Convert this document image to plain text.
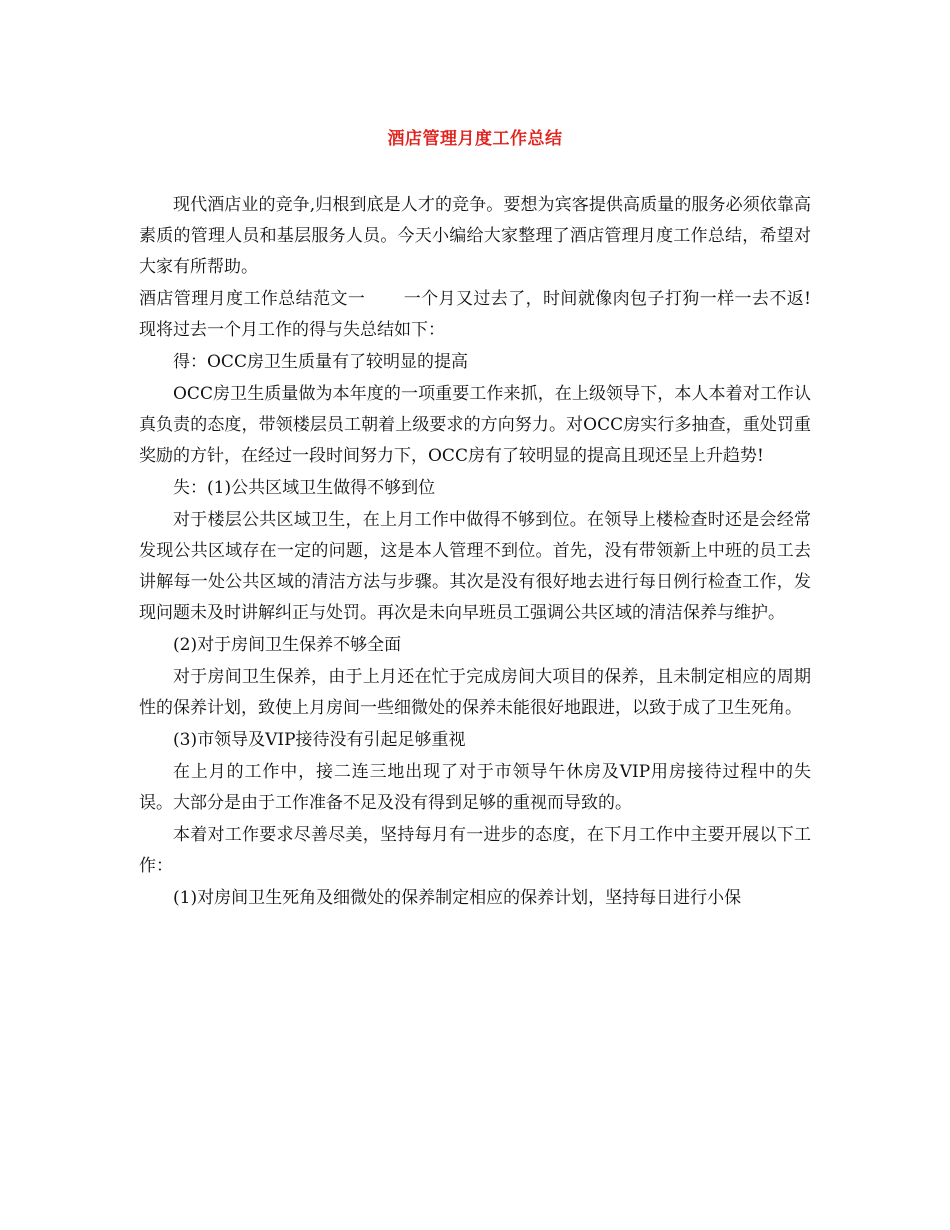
酒店管理月度工作总结

现代酒店业的竞争,归根到底是人才的竞争。要想为宾客提供高质量的服务必须依靠高素质的管理人员和基层服务人员。今天小编给大家整理了酒店管理月度工作总结，希望对大家有所帮助。

酒店管理月度工作总结范文一 一个月又过去了，时间就像肉包子打狗一样一去不返!现将过去一个月工作的得与失总结如下：

得：OCC房卫生质量有了较明显的提高

OCC房卫生质量做为本年度的一项重要工作来抓，在上级领导下，本人本着对工作认真负责的态度，带领楼层员工朝着上级要求的方向努力。对OCC房实行多抽查，重处罚重奖励的方针，在经过一段时间努力下，OCC房有了较明显的提高且现还呈上升趋势!

失：(1)公共区域卫生做得不够到位

对于楼层公共区域卫生，在上月工作中做得不够到位。在领导上楼检查时还是会经常发现公共区域存在一定的问题，这是本人管理不到位。首先，没有带领新上中班的员工去讲解每一处公共区域的清洁方法与步骤。其次是没有很好地去进行每日例行检查工作，发现问题未及时讲解纠正与处罚。再次是未向早班员工强调公共区域的清洁保养与维护。

(2)对于房间卫生保养不够全面

对于房间卫生保养，由于上月还在忙于完成房间大项目的保养，且未制定相应的周期性的保养计划，致使上月房间一些细微处的保养未能很好地跟进，以致于成了卫生死角。

(3)市领导及VIP接待没有引起足够重视

在上月的工作中，接二连三地出现了对于市领导午休房及VIP用房接待过程中的失误。大部分是由于工作准备不足及没有得到足够的重视而导致的。

本着对工作要求尽善尽美，坚持每月有一进步的态度，在下月工作中主要开展以下工作：

(1)对房间卫生死角及细微处的保养制定相应的保养计划，坚持每日进行小保
